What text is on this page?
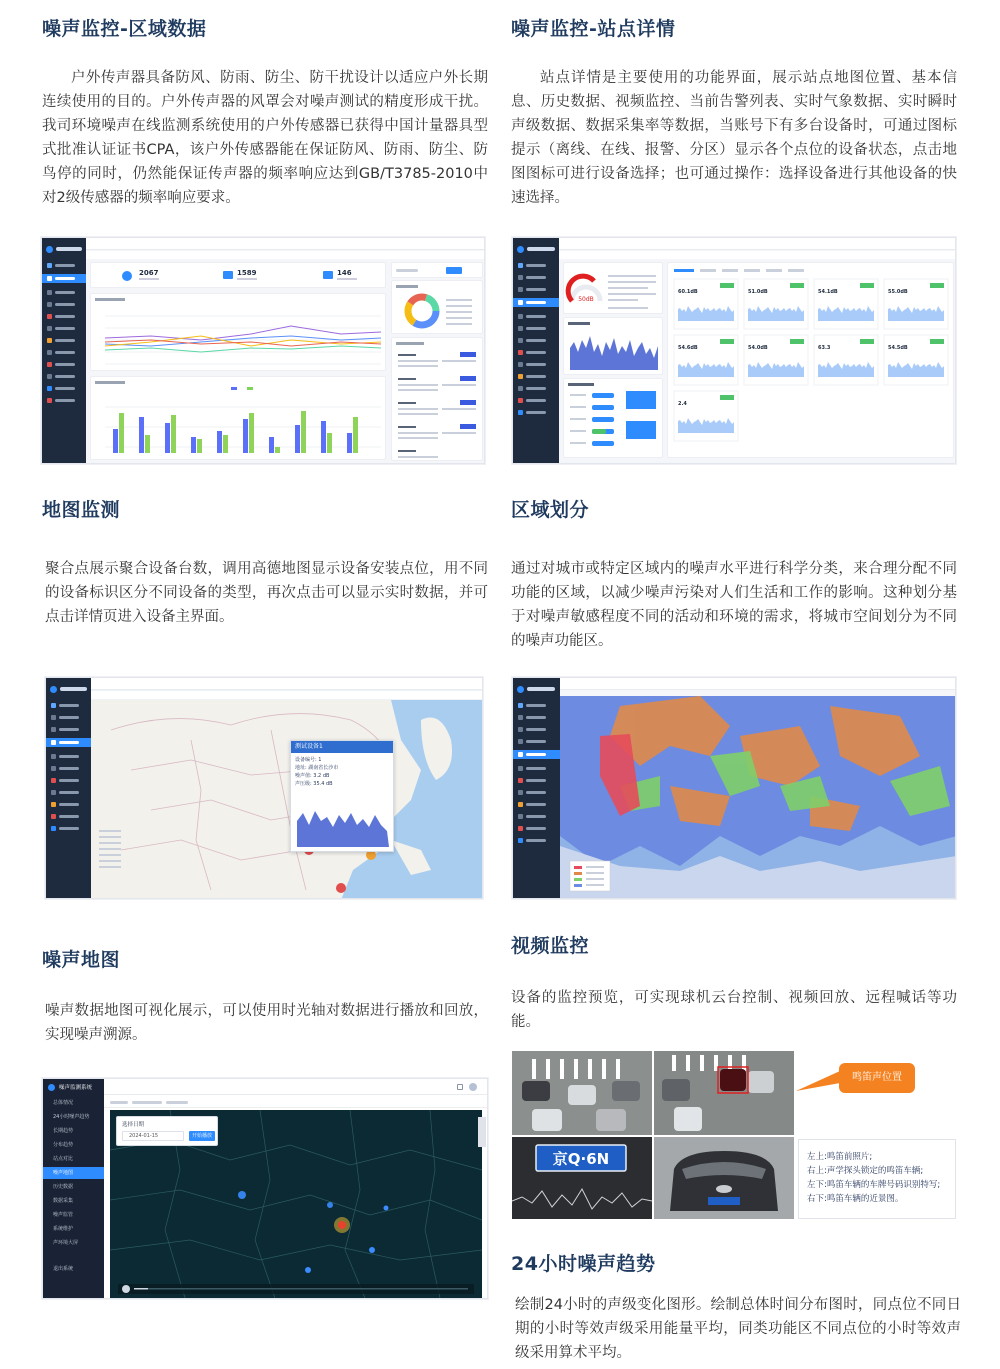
噪声监控-区域数据

户外传声器具备防风、防雨、防尘、防干扰设计以适应户外长期连续使用的目的。户外传声器的风罩会对噪声测试的精度形成干扰。我司环境噪声在线监测系统使用的户外传感器已获得中国计量器具型式批准认证证书CPA，该户外传感器能在保证防风、防雨、防尘、防鸟停的同时，仍然能保证传声器的频率响应达到GB/T3785-2010中对2级传感器的频率响应要求。

噪声监控-站点详情

站点详情是主要使用的功能界面，展示站点地图位置、基本信息、历史数据、视频监控、当前告警列表、实时气象数据、实时瞬时声级数据、数据采集率等数据，当账号下有多台设备时，可通过图标提示（离线、在线、报警、分区）显示各个点位的设备状态，点击地图图标可进行设备选择；也可通过操作：选择设备进行其他设备的快速选择。

地图监测

聚合点展示聚合设备台数，调用高德地图显示设备安装点位，用不同的设备标识区分不同设备的类型，再次点击可以显示实时数据，并可点击详情页进入设备主界面。

区域划分

通过对城市或特定区域内的噪声水平进行科学分类，来合理分配不同功能的区域，以减少噪声污染对人们生活和工作的影响。这种划分基于对噪声敏感程度不同的活动和环境的需求，将城市空间划分为不同的噪声功能区。

噪声地图

噪声数据地图可视化展示，可以使用时光轴对数据进行播放和回放，实现噪声溯源。

视频监控

设备的监控预览，可实现球机云台控制、视频回放、远程喊话等功能。

24小时噪声趋势

绘制24小时的声级变化图形。绘制总体时间分布图时，同点位不同日期的小时等效声级采用能量平均，同类功能区不同点位的小时等效声级采用算术平均。

2067	1589	146
50dB
60.1dB	51.0dB	54.1dB	55.0dB
54.6dB	54.0dB	63.3	54.5dB
2.4
测试设备1
设备编号: 1
地址: 湖南省长沙市
噪声值: 3.2 dB
声压级: 35.4 dB
噪声监测系统
总体情况
24小时噪声趋势
长期趋势
分布趋势
站点对比
噪声地图
历史数据
数据采集
噪声监管
系统维护
声环境大屏
退出系统
选择日期
2024-01-15	开始播放
京Q·6N
鸣笛声位置
左上:鸣笛前照片;
右上:声学探头锁定的鸣笛车辆;
左下:鸣笛车辆的车牌号码识别特写;
右下:鸣笛车辆的近景图。
